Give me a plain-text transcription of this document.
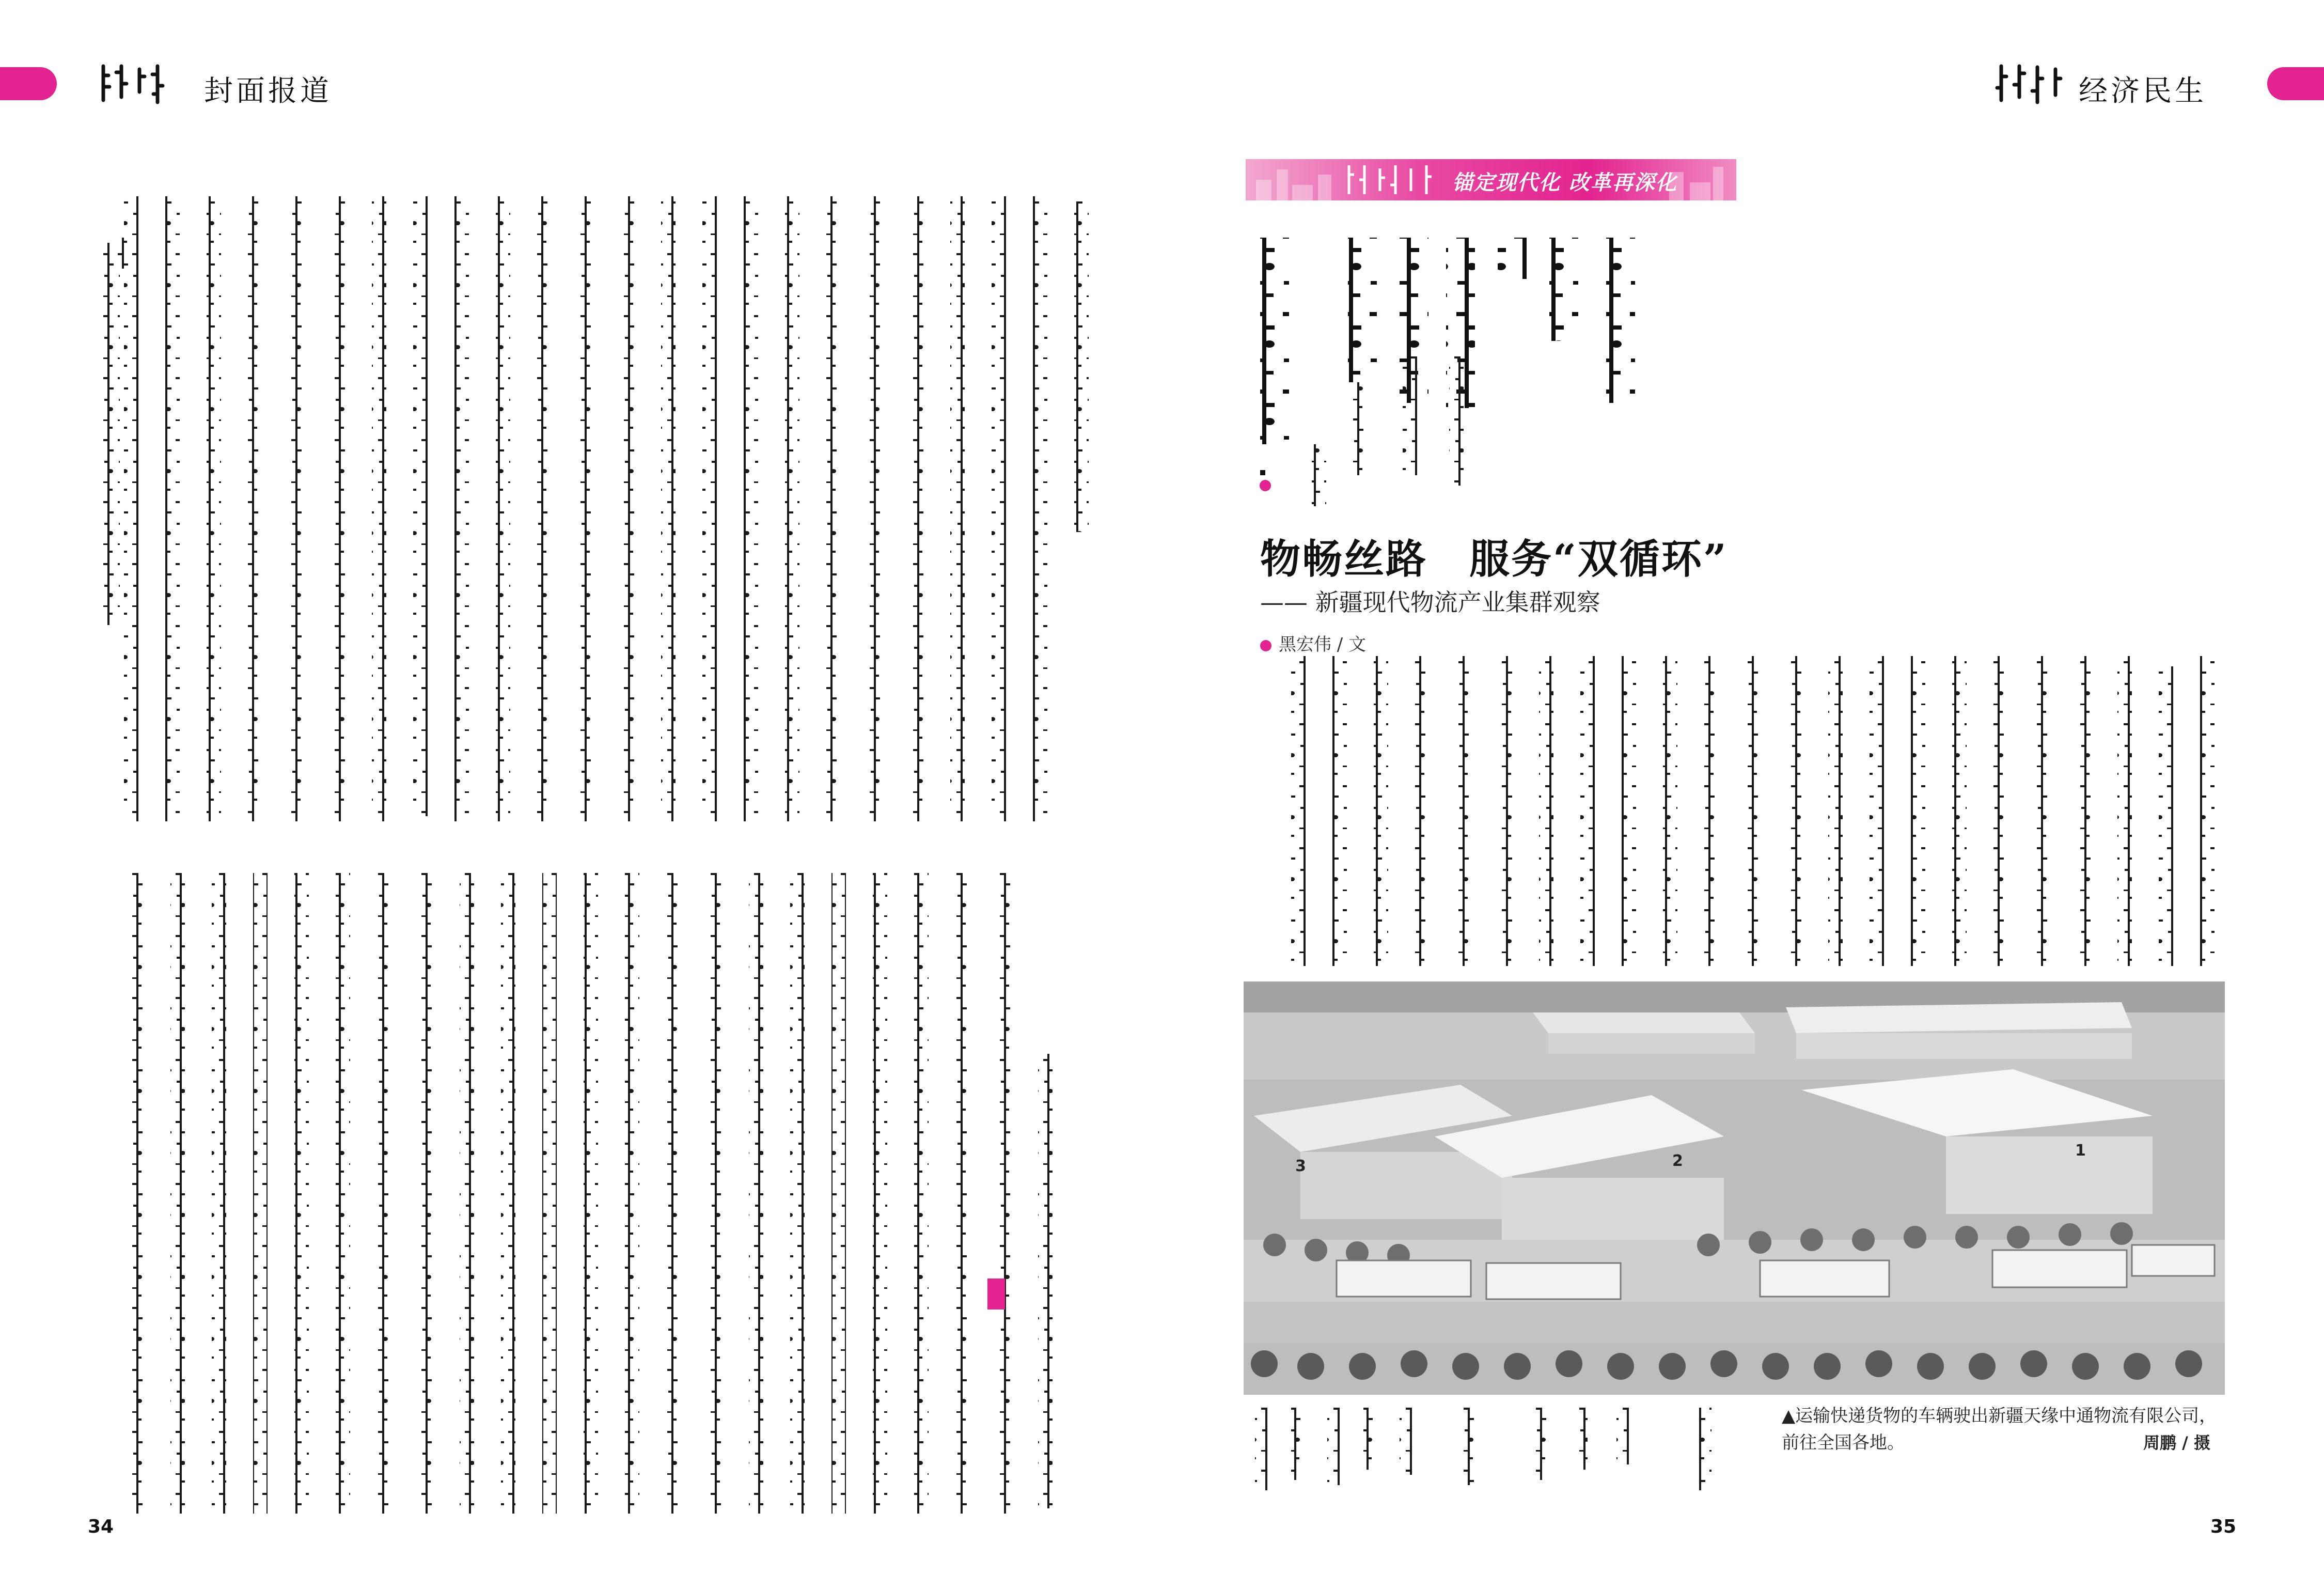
封面报道	经济民生
34
锚定现代化 改革再深化
物畅丝路　服务“双循环”
—— 新疆现代物流产业集群观察
黑宏伟 / 文
3	2
1
▲运输快递货物的车辆驶出新疆天缘中通物流有限公司，前往全国各地。	周鹏 / 摄
35
